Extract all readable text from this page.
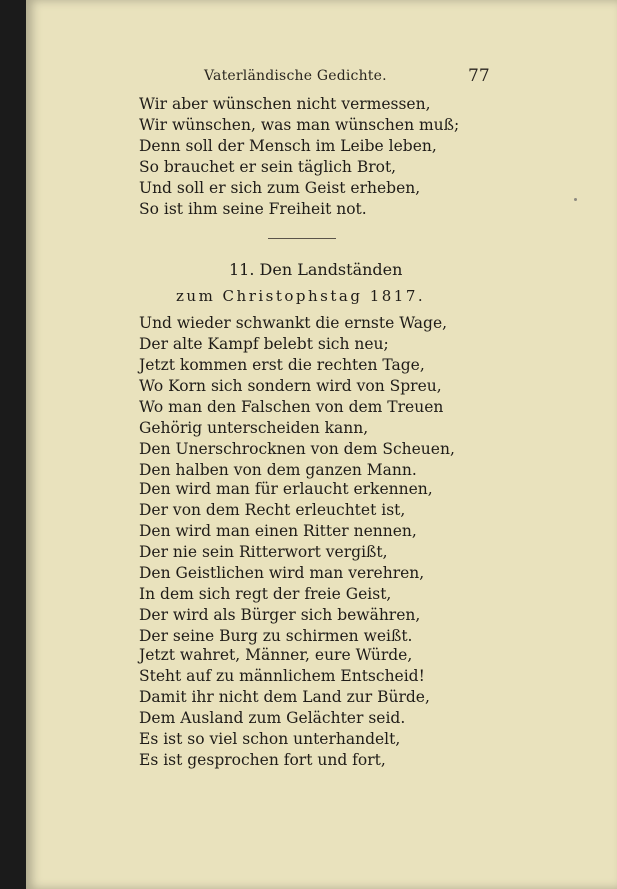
Vaterländische Gedichte.	77
Wir aber wünschen nicht vermessen,
Wir wünschen, was man wünschen muß;
Denn soll der Mensch im Leibe leben,
So brauchet er sein täglich Brot,
Und soll er sich zum Geist erheben,
So ist ihm seine Freiheit not.
11. Den Landständen
zum Christophstag 1817.
Und wieder schwankt die ernste Wage,
Der alte Kampf belebt sich neu;
Jetzt kommen erst die rechten Tage,
Wo Korn sich sondern wird von Spreu,
Wo man den Falschen von dem Treuen
Gehörig unterscheiden kann,
Den Unerschrocknen von dem Scheuen,
Den halben von dem ganzen Mann.
Den wird man für erlaucht erkennen,
Der von dem Recht erleuchtet ist,
Den wird man einen Ritter nennen,
Der nie sein Ritterwort vergißt,
Den Geistlichen wird man verehren,
In dem sich regt der freie Geist,
Der wird als Bürger sich bewähren,
Der seine Burg zu schirmen weißt.
Jetzt wahret, Männer, eure Würde,
Steht auf zu männlichem Entscheid!
Damit ihr nicht dem Land zur Bürde,
Dem Ausland zum Gelächter seid.
Es ist so viel schon unterhandelt,
Es ist gesprochen fort und fort,
